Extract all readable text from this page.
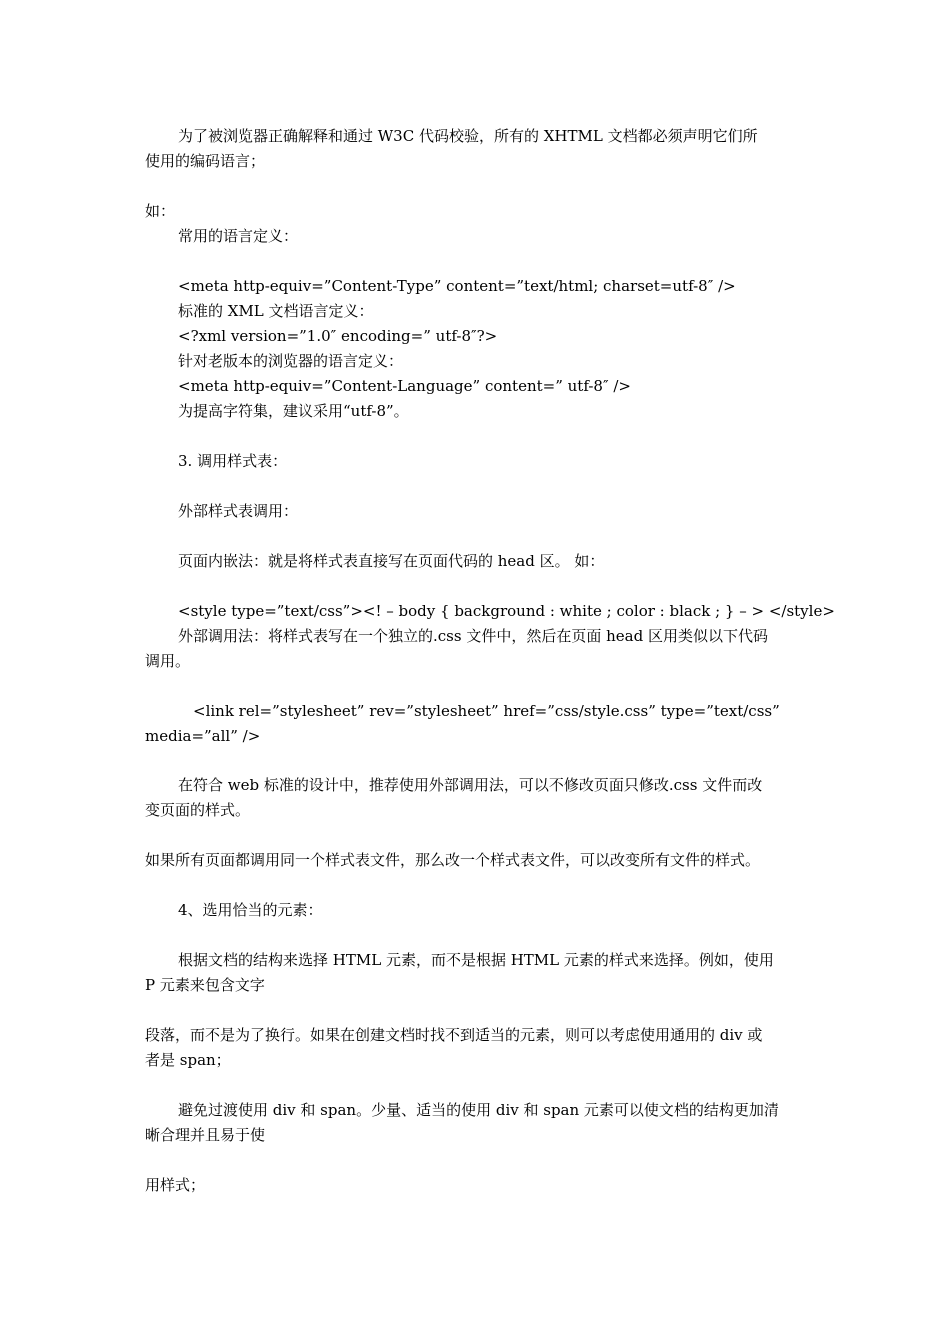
为了被浏览器正确解释和通过 W3C 代码校验，所有的 XHTML 文档都必须声明它们所
使用的编码语言；
如：
常用的语言定义：
<meta http-equiv=”Content-Type” content=”text/html; charset=utf-8″ />
标准的 XML 文档语言定义：
<?xml version=”1.0″ encoding=” utf-8″?>
针对老版本的浏览器的语言定义：
<meta http-equiv=”Content-Language” content=” utf-8″ />
为提高字符集，建议采用“utf-8”。
3. 调用样式表：
外部样式表调用：
页面内嵌法：就是将样式表直接写在页面代码的 head 区。 如：
<style type=”text/css”><! – body { background : white ; color : black ; } – > </style>
外部调用法：将样式表写在一个独立的.css 文件中，然后在页面 head 区用类似以下代码
调用。
<link rel=”stylesheet” rev=”stylesheet” href=”css/style.css” type=”text/css”
media=”all” />
在符合 web 标准的设计中，推荐使用外部调用法，可以不修改页面只修改.css 文件而改
变页面的样式。
如果所有页面都调用同一个样式表文件，那么改一个样式表文件，可以改变所有文件的样式。
4、选用恰当的元素：
根据文档的结构来选择 HTML 元素，而不是根据 HTML 元素的样式来选择。例如，使用
P 元素来包含文字
段落，而不是为了换行。如果在创建文档时找不到适当的元素，则可以考虑使用通用的 div 或
者是 span；
避免过渡使用 div 和 span。少量、适当的使用 div 和 span 元素可以使文档的结构更加清
晰合理并且易于使
用样式；
